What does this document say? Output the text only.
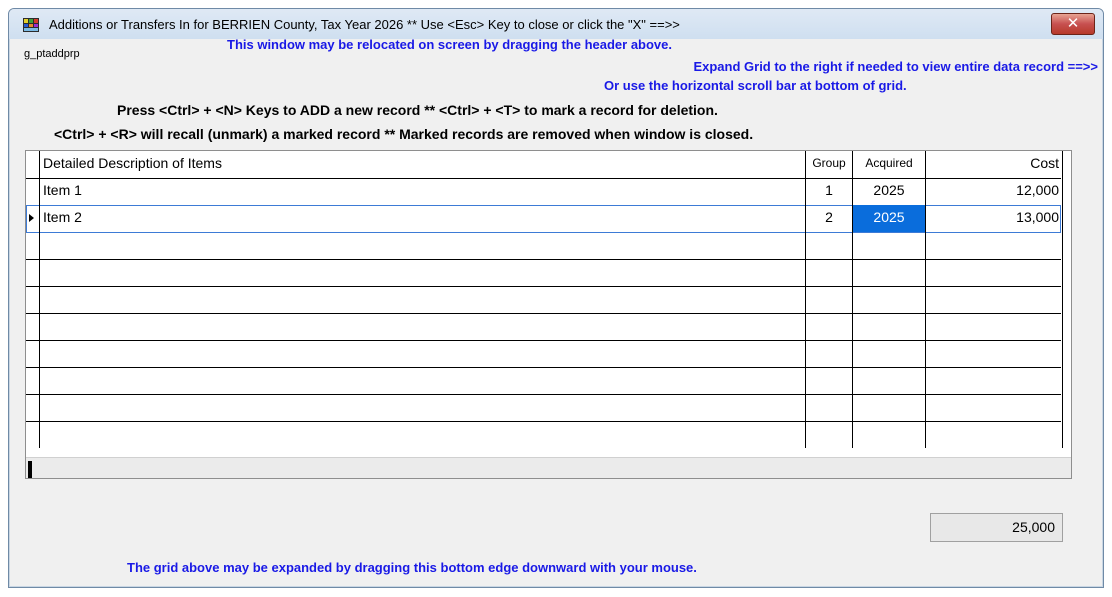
Additions or Transfers In for BERRIEN County, Tax Year 2026 ** Use <Esc> Key to close or click the "X" ==>>	✕
g_ptaddprp
This window may be relocated on screen by dragging the header above.
Expand Grid to the right if needed to view entire data record ==>>
Or use the horizontal scroll bar at bottom of grid.
Press <Ctrl> + <N> Keys to ADD a new record ** <Ctrl> + <T> to mark a record for deletion.
<Ctrl> + <R> will recall (unmark) a marked record ** Marked records are removed when window is closed.
Detailed Description of Items	Group	Acquired	Cost
Item 1	1	2025	12,000
Item 2	2	2025	13,000
25,000
The grid above may be expanded by dragging this bottom edge downward with your mouse.
